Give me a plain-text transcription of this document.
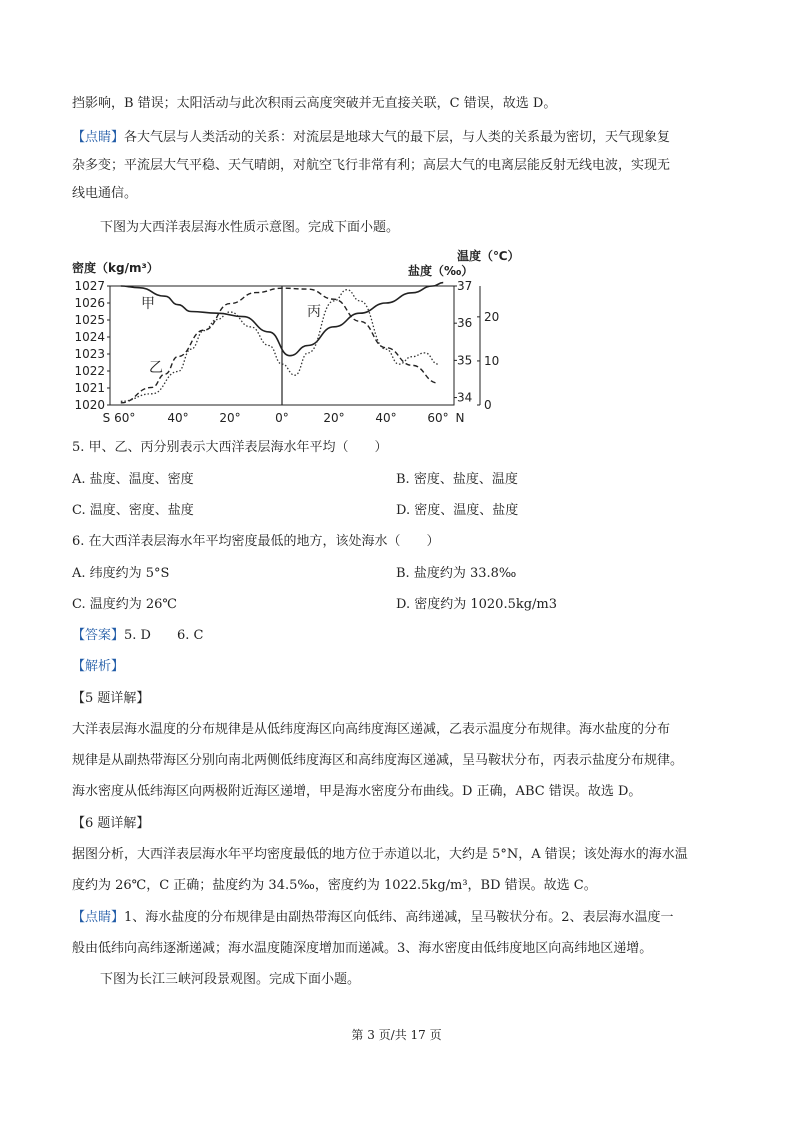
挡影响，B 错误；太阳活动与此次积雨云高度突破并无直接关联，C 错误，故选 D。
【点睛】各大气层与人类活动的关系：对流层是地球大气的最下层，与人类的关系最为密切，天气现象复
杂多变；平流层大气平稳、天气晴朗，对航空飞行非常有利；高层大气的电离层能反射无线电波，实现无
线电通信。
下图为大西洋表层海水性质示意图。完成下面小题。
1027
1026
1025
1024
1023
1022
1021
1020
37
36
35
34
20
10
0
S 60°	40°	20°	0°	20°	40°	60° N
密度（kg/m³）	盐度（‰）
温度（℃）
甲
乙
丙
5. 甲、乙、丙分别表示大西洋表层海水年平均（　　）
A. 盐度、温度、密度	B. 密度、盐度、温度
C. 温度、密度、盐度	D. 密度、温度、盐度
6. 在大西洋表层海水年平均密度最低的地方，该处海水（　　）
A. 纬度约为 5°S	B. 盐度约为 33.8‰
C. 温度约为 26℃	D. 密度约为 1020.5kg/m3
【答案】5. D　　6. C
【解析】
【5 题详解】
大洋表层海水温度的分布规律是从低纬度海区向高纬度海区递减，乙表示温度分布规律。海水盐度的分布
规律是从副热带海区分别向南北两侧低纬度海区和高纬度海区递减，呈马鞍状分布，丙表示盐度分布规律。
海水密度从低纬海区向两极附近海区递增，甲是海水密度分布曲线。D 正确，ABC 错误。故选 D。
【6 题详解】
据图分析，大西洋表层海水年平均密度最低的地方位于赤道以北，大约是 5°N，A 错误；该处海水的海水温
度约为 26℃，C 正确；盐度约为 34.5‰，密度约为 1022.5kg/m³，BD 错误。故选 C。
【点睛】1、海水盐度的分布规律是由副热带海区向低纬、高纬递减，呈马鞍状分布。2、表层海水温度一
般由低纬向高纬逐渐递减；海水温度随深度增加而递减。3、海水密度由低纬度地区向高纬地区递增。
下图为长江三峡河段景观图。完成下面小题。
第 3 页/共 17 页
